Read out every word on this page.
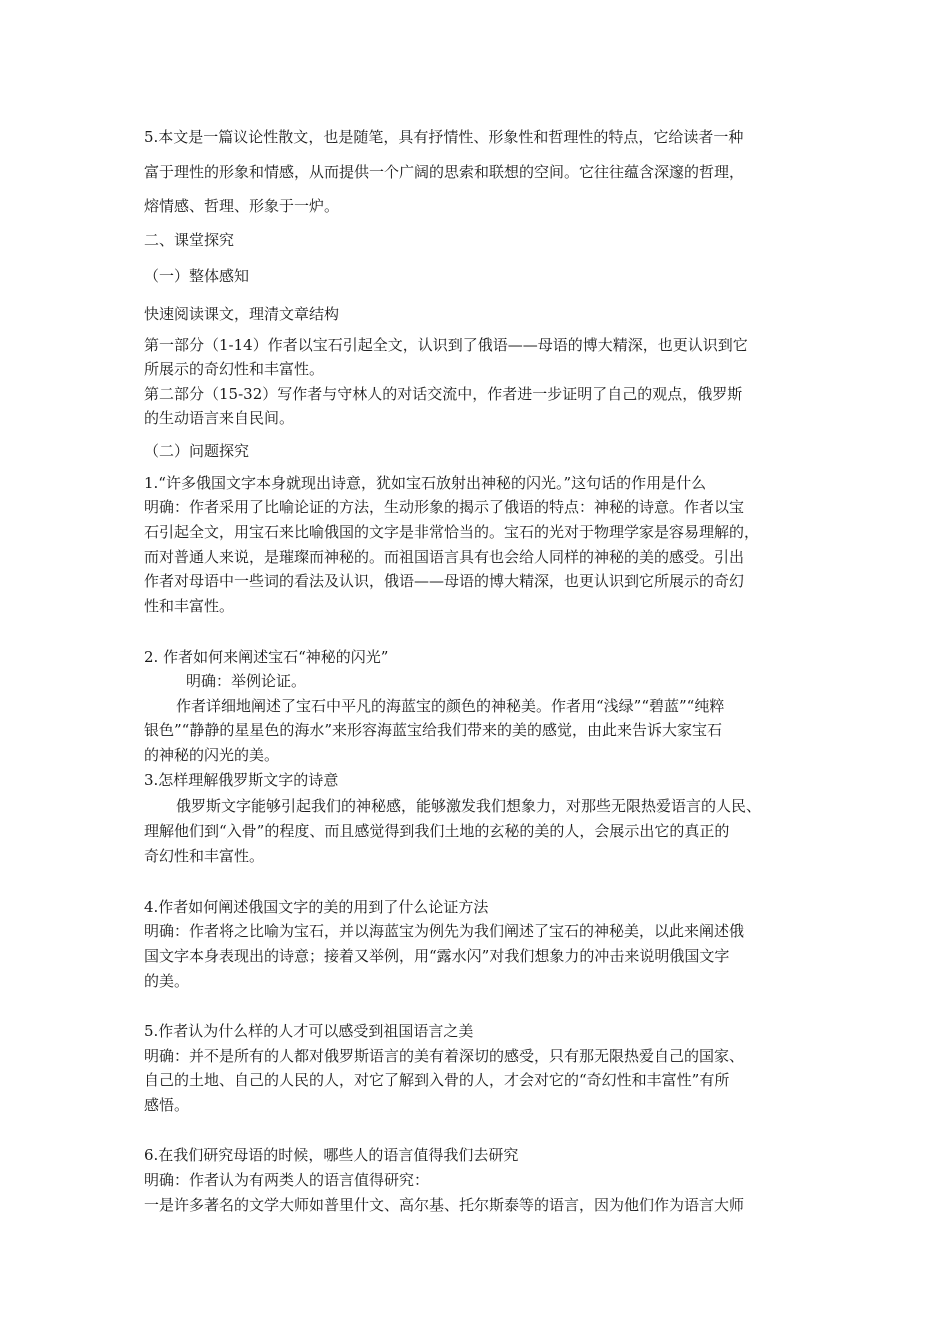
5.本文是一篇议论性散文，也是随笔，具有抒情性、形象性和哲理性的特点，它给读者一种

富于理性的形象和情感，从而提供一个广阔的思索和联想的空间。它往往蕴含深邃的哲理，

熔情感、哲理、形象于一炉。

二、课堂探究

（一）整体感知

快速阅读课文，理清文章结构

第一部分（1-14）作者以宝石引起全文，认识到了俄语——母语的博大精深，也更认识到它

所展示的奇幻性和丰富性。

第二部分（15-32）写作者与守林人的对话交流中，作者进一步证明了自己的观点，俄罗斯

的生动语言来自民间。

（二）问题探究

1.“许多俄国文字本身就现出诗意，犹如宝石放射出神秘的闪光。”这句话的作用是什么

明确：作者采用了比喻论证的方法，生动形象的揭示了俄语的特点：神秘的诗意。作者以宝

石引起全文，用宝石来比喻俄国的文字是非常恰当的。宝石的光对于物理学家是容易理解的，

而对普通人来说，是璀璨而神秘的。而祖国语言具有也会给人同样的神秘的美的感受。引出

作者对母语中一些词的看法及认识，俄语——母语的博大精深，也更认识到它所展示的奇幻

性和丰富性。

2. 作者如何来阐述宝石“神秘的闪光”

明确：举例论证。

作者详细地阐述了宝石中平凡的海蓝宝的颜色的神秘美。作者用“浅绿”“碧蓝”“纯粹

银色”“静静的星星色的海水”来形容海蓝宝给我们带来的美的感觉，由此来告诉大家宝石

的神秘的闪光的美。

3.怎样理解俄罗斯文字的诗意

俄罗斯文字能够引起我们的神秘感，能够激发我们想象力，对那些无限热爱语言的人民、

理解他们到“入骨”的程度、而且感觉得到我们土地的玄秘的美的人，会展示出它的真正的

奇幻性和丰富性。

4.作者如何阐述俄国文字的美的用到了什么论证方法

明确：作者将之比喻为宝石，并以海蓝宝为例先为我们阐述了宝石的神秘美，以此来阐述俄

国文字本身表现出的诗意；接着又举例，用“露水闪”对我们想象力的冲击来说明俄国文字

的美。

5.作者认为什么样的人才可以感受到祖国语言之美

明确：并不是所有的人都对俄罗斯语言的美有着深切的感受，只有那无限热爱自己的国家、

自己的土地、自己的人民的人，对它了解到入骨的人，才会对它的“奇幻性和丰富性”有所

感悟。

6.在我们研究母语的时候，哪些人的语言值得我们去研究

明确：作者认为有两类人的语言值得研究：

一是许多著名的文学大师如普里什文、高尔基、托尔斯泰等的语言，因为他们作为语言大师
